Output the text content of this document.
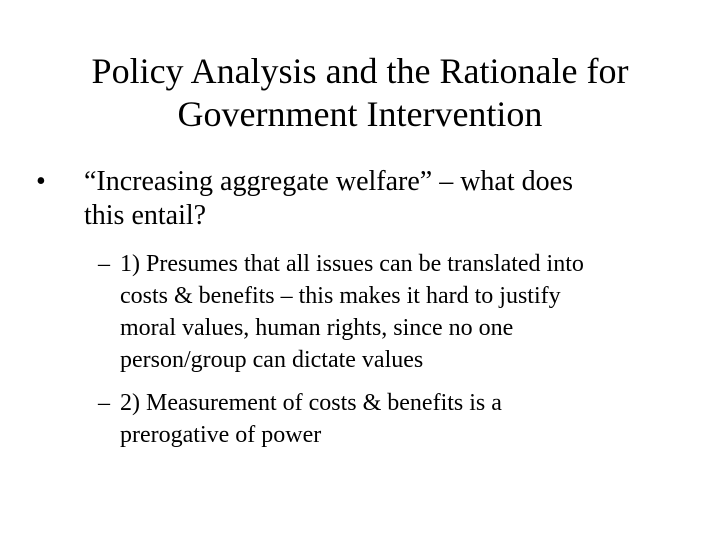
Policy Analysis and the Rationale for
Government Intervention
• “Increasing aggregate welfare” – what does
this entail?
– 1) Presumes that all issues can be translated into
costs & benefits – this makes it hard to justify
moral values, human rights, since no one
person/group can dictate values
– 2) Measurement of costs & benefits is a
prerogative of power
